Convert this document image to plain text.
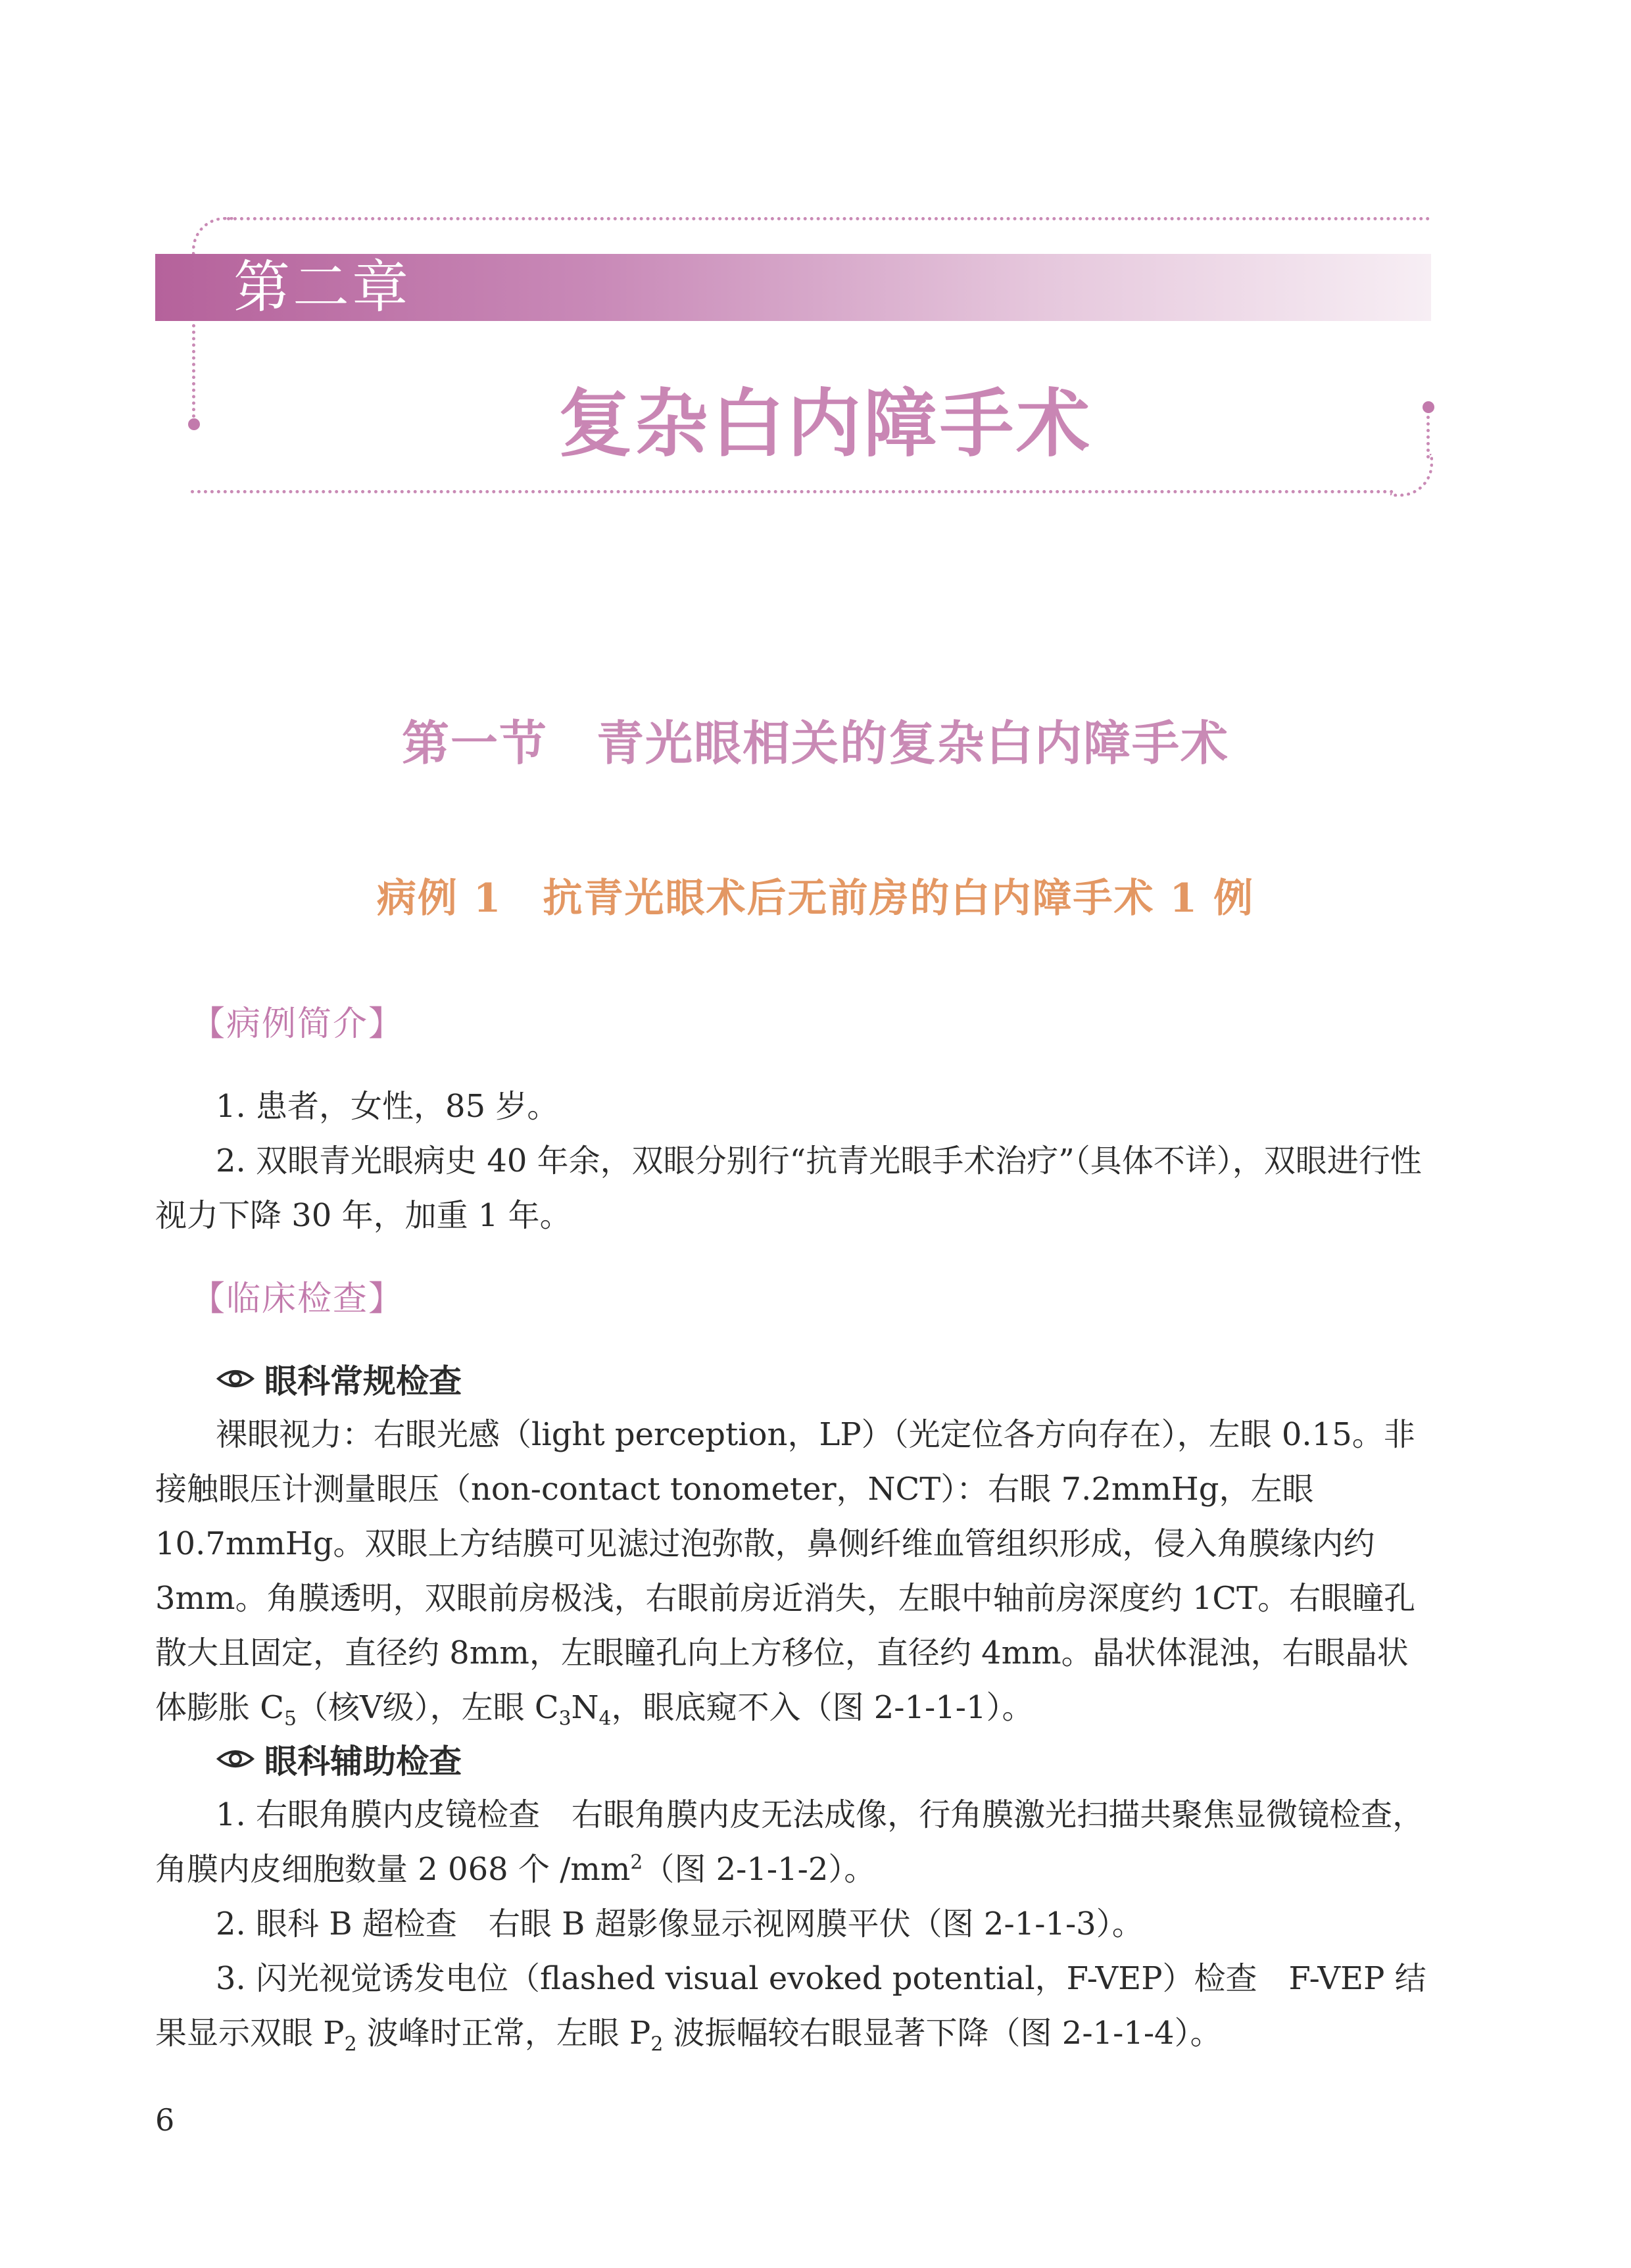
第二章
复杂白内障手术
第一节　青光眼相关的复杂白内障手术
病例 1　抗青光眼术后无前房的白内障手术 1 例
【病例简介】
1. 患者，女性，85 岁。
2. 双眼青光眼病史 40 年余，双眼分别行“抗青光眼手术治疗”（具体不详），双眼进行性视力下降 30 年，加重 1 年。
【临床检查】
眼科常规检查
裸眼视力：右眼光感（light perception，LP）（光定位各方向存在），左眼 0.15。非接触眼压计测量眼压（non-contact tonometer，NCT）：右眼 7.2mmHg，左眼 10.7mmHg。双眼上方结膜可见滤过泡弥散，鼻侧纤维血管组织形成，侵入角膜缘内约 3mm。角膜透明，双眼前房极浅，右眼前房近消失，左眼中轴前房深度约 1CT。右眼瞳孔散大且固定，直径约 8mm，左眼瞳孔向上方移位，直径约 4mm。晶状体混浊，右眼晶状体膨胀 $C_5$（核Ⅴ级），左眼 $C_3N_4$，眼底窥不入（图 2-1-1-1）。
眼科辅助检查
1. 右眼角膜内皮镜检查　右眼角膜内皮无法成像，行角膜激光扫描共聚焦显微镜检查，角膜内皮细胞数量 2 068 个 $/mm^2$（图 2-1-1-2）。
2. 眼科 B 超检查　右眼 B 超影像显示视网膜平伏（图 2-1-1-3）。
3. 闪光视觉诱发电位（flashed visual evoked potential，F-VEP）检查　F-VEP 结果显示双眼 $P_2$ 波峰时正常，左眼 $P_2$ 波振幅较右眼显著下降（图 2-1-1-4）。
6
